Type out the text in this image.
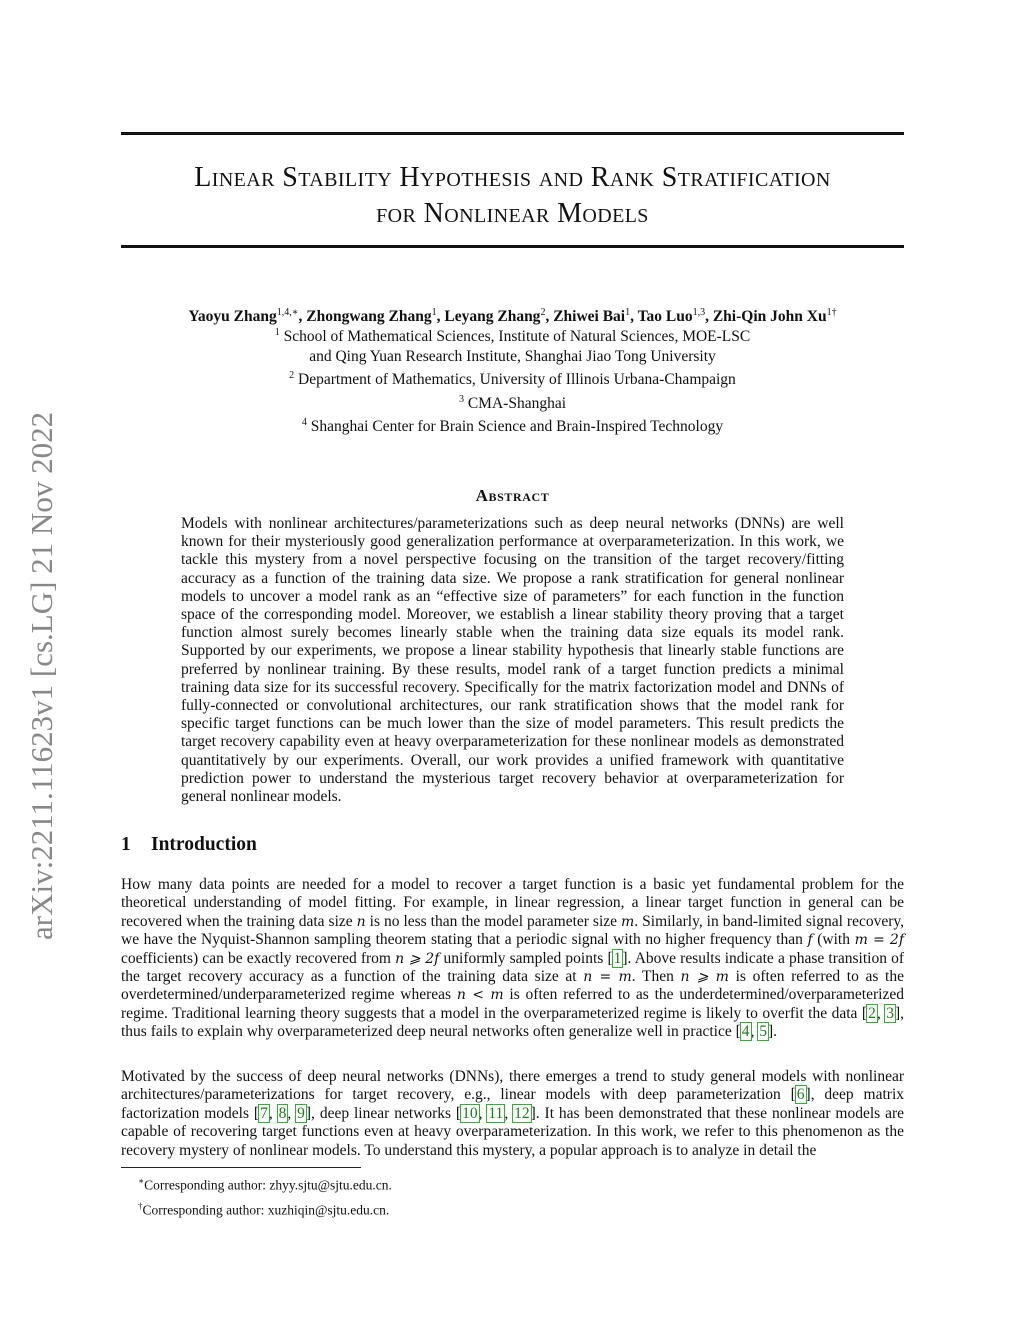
arXiv:2211.11623v1 [cs.LG] 21 Nov 2022
Linear Stability Hypothesis and Rank Stratification
for Nonlinear Models
Yaoyu Zhang$^{1,4,∗}$, Zhongwang Zhang$^1$, Leyang Zhang$^2$, Zhiwei Bai$^1$, Tao Luo$^{1,3}$, Zhi-Qin John $Xu^{1\dagger}$
$^1$ School of Mathematical Sciences, Institute of Natural Sciences, MOE-LSC
and Qing Yuan Research Institute, Shanghai Jiao Tong University
$^2$ Department of Mathematics, University of Illinois Urbana-Champaign
$^3$ CMA-Shanghai
$^4$ Shanghai Center for Brain Science and Brain-Inspired Technology
Abstract
Models with nonlinear architectures/parameterizations such as deep neural networks (DNNs) are well known for their mysteriously good generalization performance at overparameterization. In this work, we tackle this mystery from a novel perspective focusing on the transition of the target recovery/fitting accuracy as a function of the training data size. We propose a rank stratification for general nonlinear models to uncover a model rank as an “effective size of parameters” for each function in the function space of the corresponding model. Moreover, we establish a linear stability theory proving that a target function almost surely becomes linearly stable when the training data size equals its model rank. Supported by our experiments, we propose a linear stability hypothesis that linearly stable functions are preferred by nonlinear training. By these results, model rank of a target function predicts a minimal training data size for its successful recovery. Specifically for the matrix factorization model and DNNs of fully-connected or convolutional architectures, our rank stratification shows that the model rank for specific target functions can be much lower than the size of model parameters. This result predicts the target recovery capability even at heavy overparameterization for these nonlinear models as demonstrated quantitatively by our experiments. Overall, our work provides a unified framework with quantitative prediction power to understand the mysterious target recovery behavior at overparameterization for general nonlinear models.
1 Introduction
How many data points are needed for a model to recover a target function is a basic yet fundamental problem for the theoretical understanding of model fitting. For example, in linear regression, a linear target function in general can be recovered when the training data size n is no less than the model parameter size m. Similarly, in band-limited signal recovery, we have the Nyquist-Shannon sampling theorem stating that a periodic signal with no higher frequency than f (with m = 2f coefficients) can be exactly recovered from n ⩾ 2f uniformly sampled points [1]. Above results indicate a phase transition of the target recovery accuracy as a function of the training data size at n = m. Then n ⩾ m is often referred to as the overdetermined/underparameterized regime whereas n < m is often referred to as the underdetermined/overparameterized regime. Traditional learning theory suggests that a model in the overparameterized regime is likely to overfit the data [2, 3], thus fails to explain why overparameterized deep neural networks often generalize well in practice [4, 5].
Motivated by the success of deep neural networks (DNNs), there emerges a trend to study general models with nonlinear architectures/parameterizations for target recovery, e.g., linear models with deep parameterization [6], deep matrix factorization models [7, 8, 9], deep linear networks [10, 11, 12]. It has been demonstrated that these nonlinear models are capable of recovering target functions even at heavy overparameterization. In this work, we refer to this phenomenon as the recovery mystery of nonlinear models. To understand this mystery, a popular approach is to analyze in detail the
∗Corresponding author: zhyy.sjtu@sjtu.edu.cn.
†Corresponding author: xuzhiqin@sjtu.edu.cn.
